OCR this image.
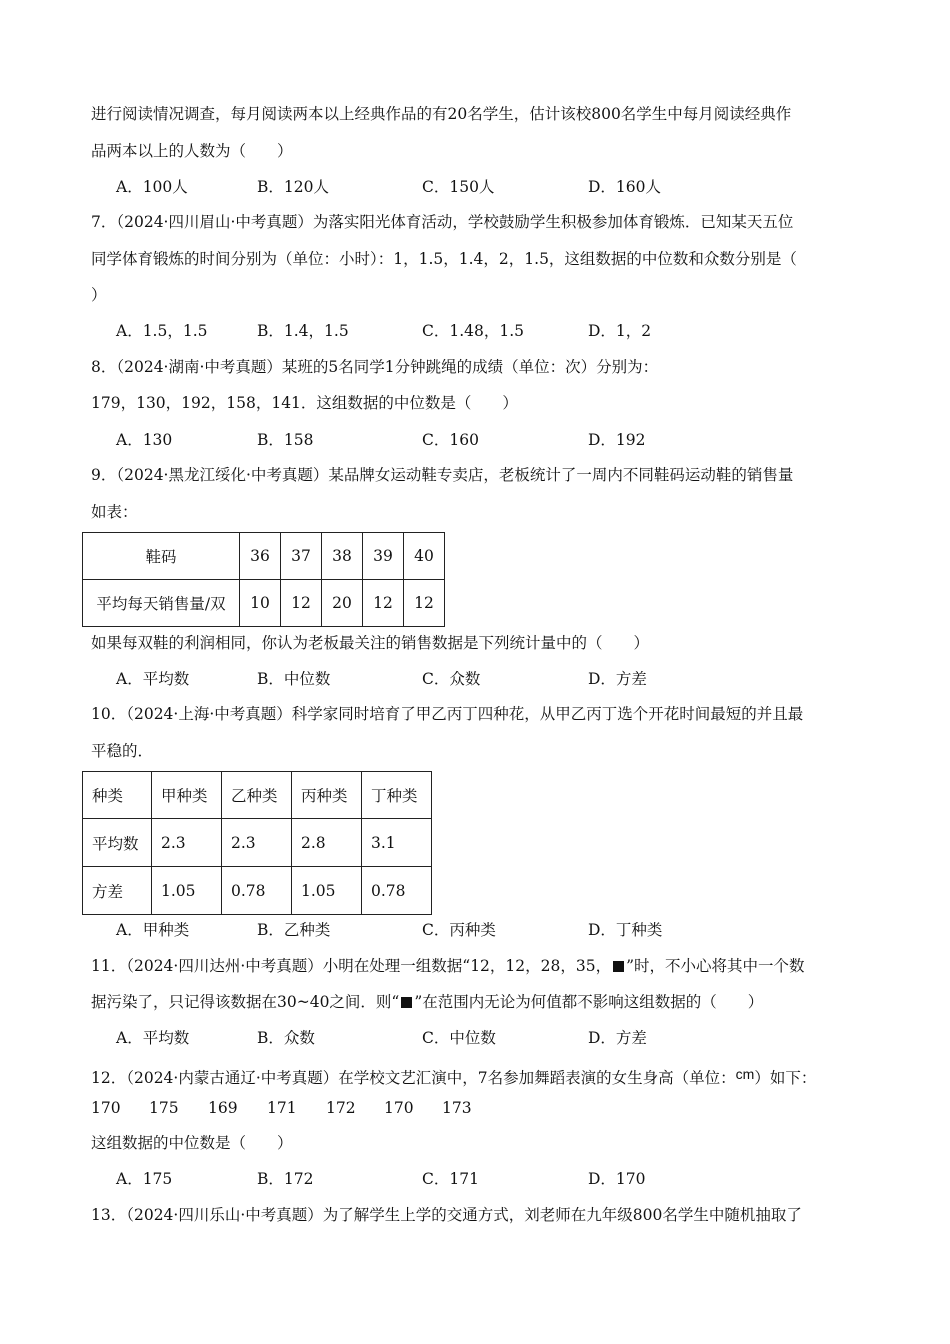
进行阅读情况调查，每月阅读两本以上经典作品的有20名学生，估计该校800名学生中每月阅读经典作
品两本以上的人数为（　　）
A．100人	B．120人	C．150人	D．160人
7．（2024·四川眉山·中考真题）为落实阳光体育活动，学校鼓励学生积极参加体育锻炼．已知某天五位
同学体育锻炼的时间分别为（单位：小时）：1，1.5，1.4，2，1.5，这组数据的中位数和众数分别是（
）
A．1.5，1.5	B．1.4，1.5	C．1.48，1.5	D．1，2
8．（2024·湖南·中考真题）某班的5名同学1分钟跳绳的成绩（单位：次）分别为：
179，130，192，158，141．这组数据的中位数是（　　）
A．130	B．158	C．160	D．192
9．（2024·黑龙江绥化·中考真题）某品牌女运动鞋专卖店，老板统计了一周内不同鞋码运动鞋的销售量
如表：
鞋码	36	37	38	39	40
平均每天销售量/双	10	12	20	12	12
如果每双鞋的利润相同，你认为老板最关注的销售数据是下列统计量中的（　　）
A．平均数	B．中位数	C．众数	D．方差
10．（2024·上海·中考真题）科学家同时培育了甲乙丙丁四种花，从甲乙丙丁选个开花时间最短的并且最
平稳的．
种类	甲种类	乙种类	丙种类	丁种类
平均数	2.3	2.3	2.8	3.1
方差	1.05	0.78	1.05	0.78
A．甲种类	B．乙种类	C．丙种类	D．丁种类
11．（2024·四川达州·中考真题）小明在处理一组数据“12，12，28，35， ”时，不小心将其中一个数
据污染了，只记得该数据在30~40之间．则“ ”在范围内无论为何值都不影响这组数据的（　　）
A．平均数	B．众数	C．中位数	D．方差
12．（2024·内蒙古通辽·中考真题）在学校文艺汇演中，7名参加舞蹈表演的女生身高（单位：cm）如下：
170 175 169 171 172 170 173
这组数据的中位数是（　　）
A．175	B．172	C．171	D．170
13．（2024·四川乐山·中考真题）为了解学生上学的交通方式，刘老师在九年级800名学生中随机抽取了
